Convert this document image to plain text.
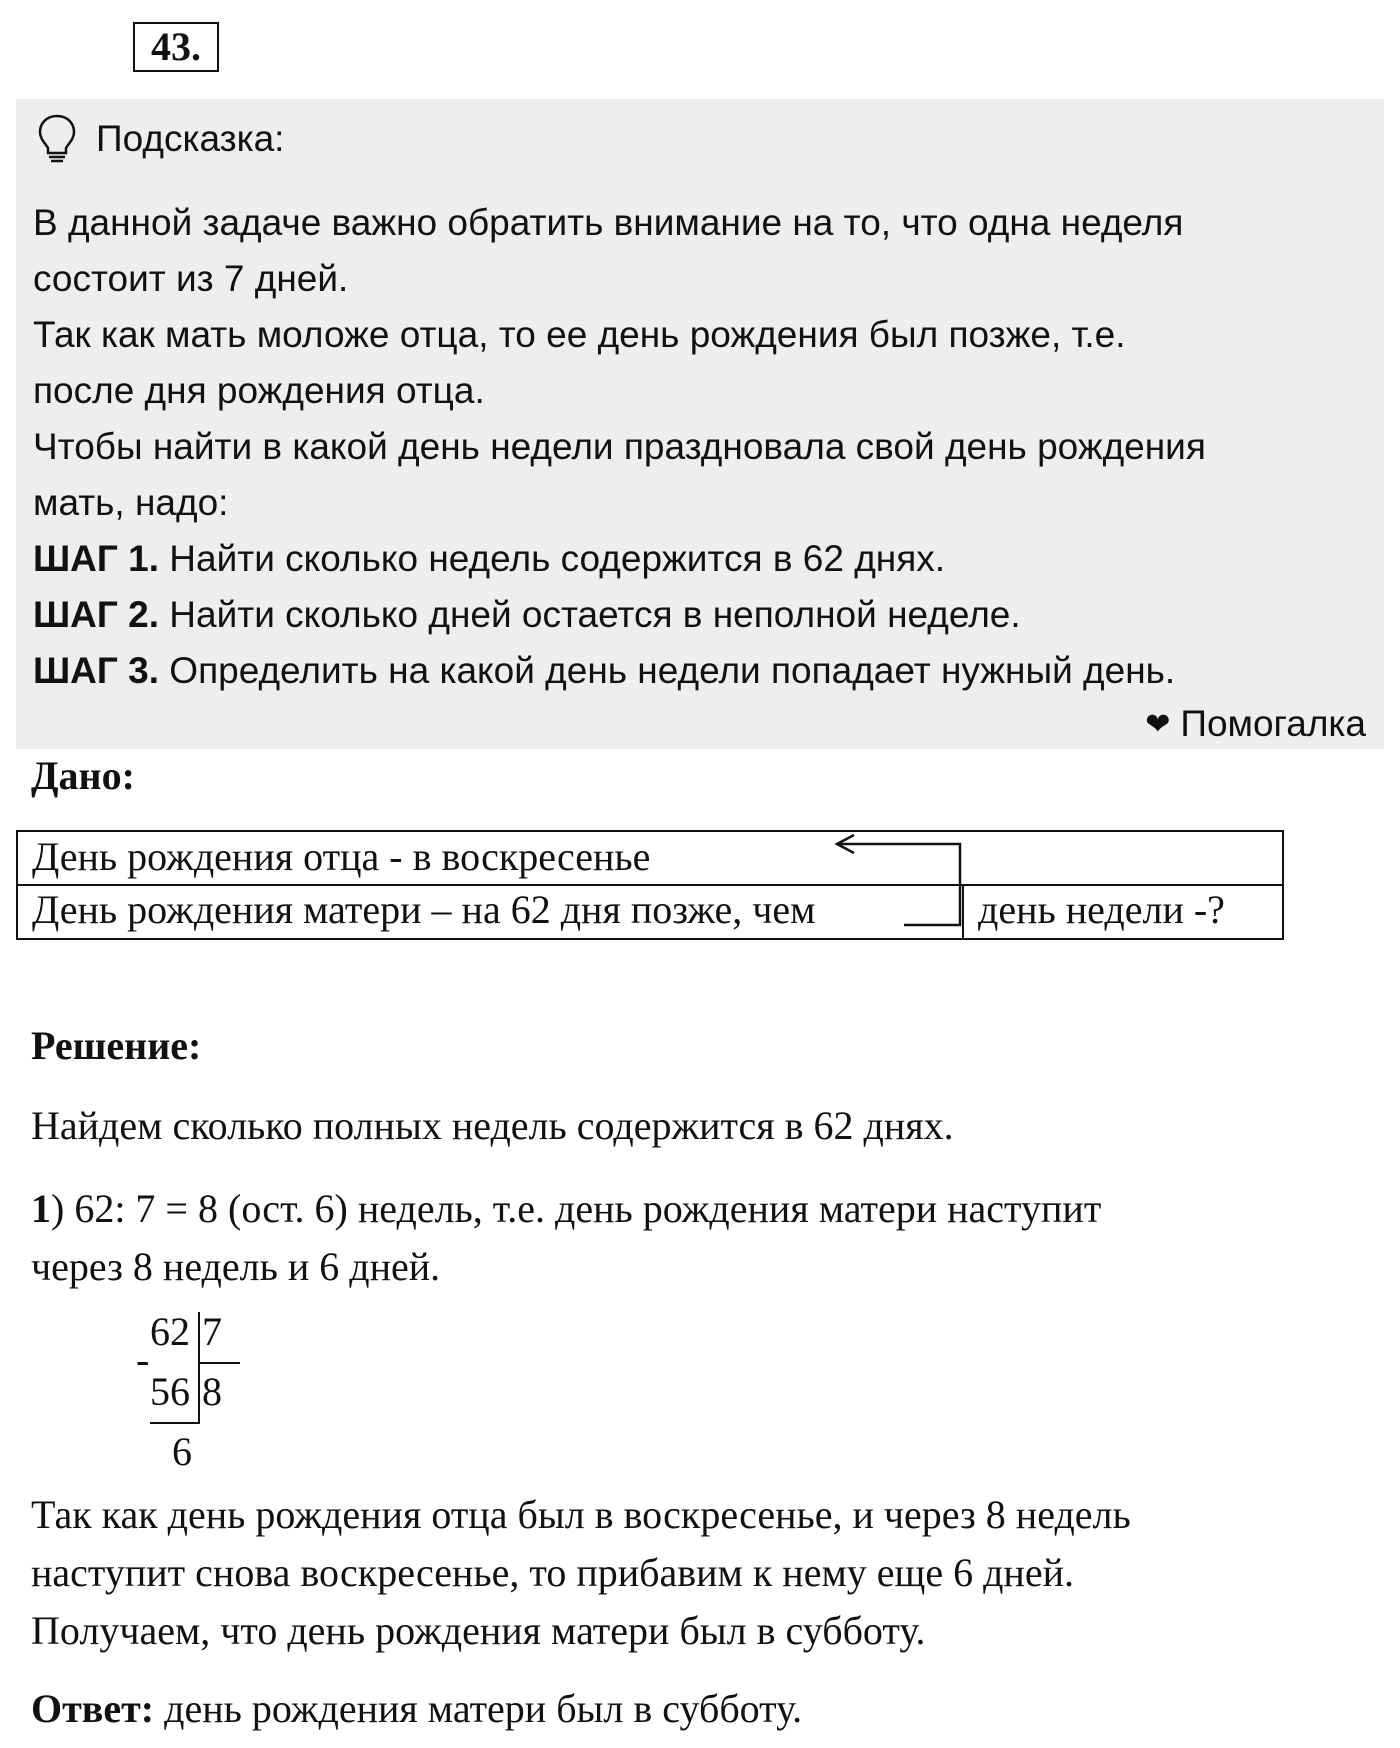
43.
Подсказка:

В данной задаче важно обратить внимание на то, что одна неделя

состоит из 7 дней.

Так как мать моложе отца, то ее день рождения был позже, т.е.

после дня рождения отца.

Чтобы найти в какой день недели праздновала свой день рождения

мать, надо:

ШАГ 1. Найти сколько недель содержится в 62 днях.

ШАГ 2. Найти сколько дней остается в неполной неделе.

ШАГ 3. Определить на какой день недели попадает нужный день.

❤ Помогалка
Дано:
День рождения отца - в воскресенье
День рождения матери – на 62 дня позже, чем	день недели -?
Решение:
Найдем сколько полных недель содержится в 62 днях.
1) 62: 7 = 8 (ост. 6) недель, т.е. день рождения матери наступит
через 8 недель и 6 дней.
62 7
-
56 8
6
Так как день рождения отца был в воскресенье, и через 8 недель
наступит снова воскресенье, то прибавим к нему еще 6 дней.
Получаем, что день рождения матери был в субботу.
Ответ: день рождения матери был в субботу.
